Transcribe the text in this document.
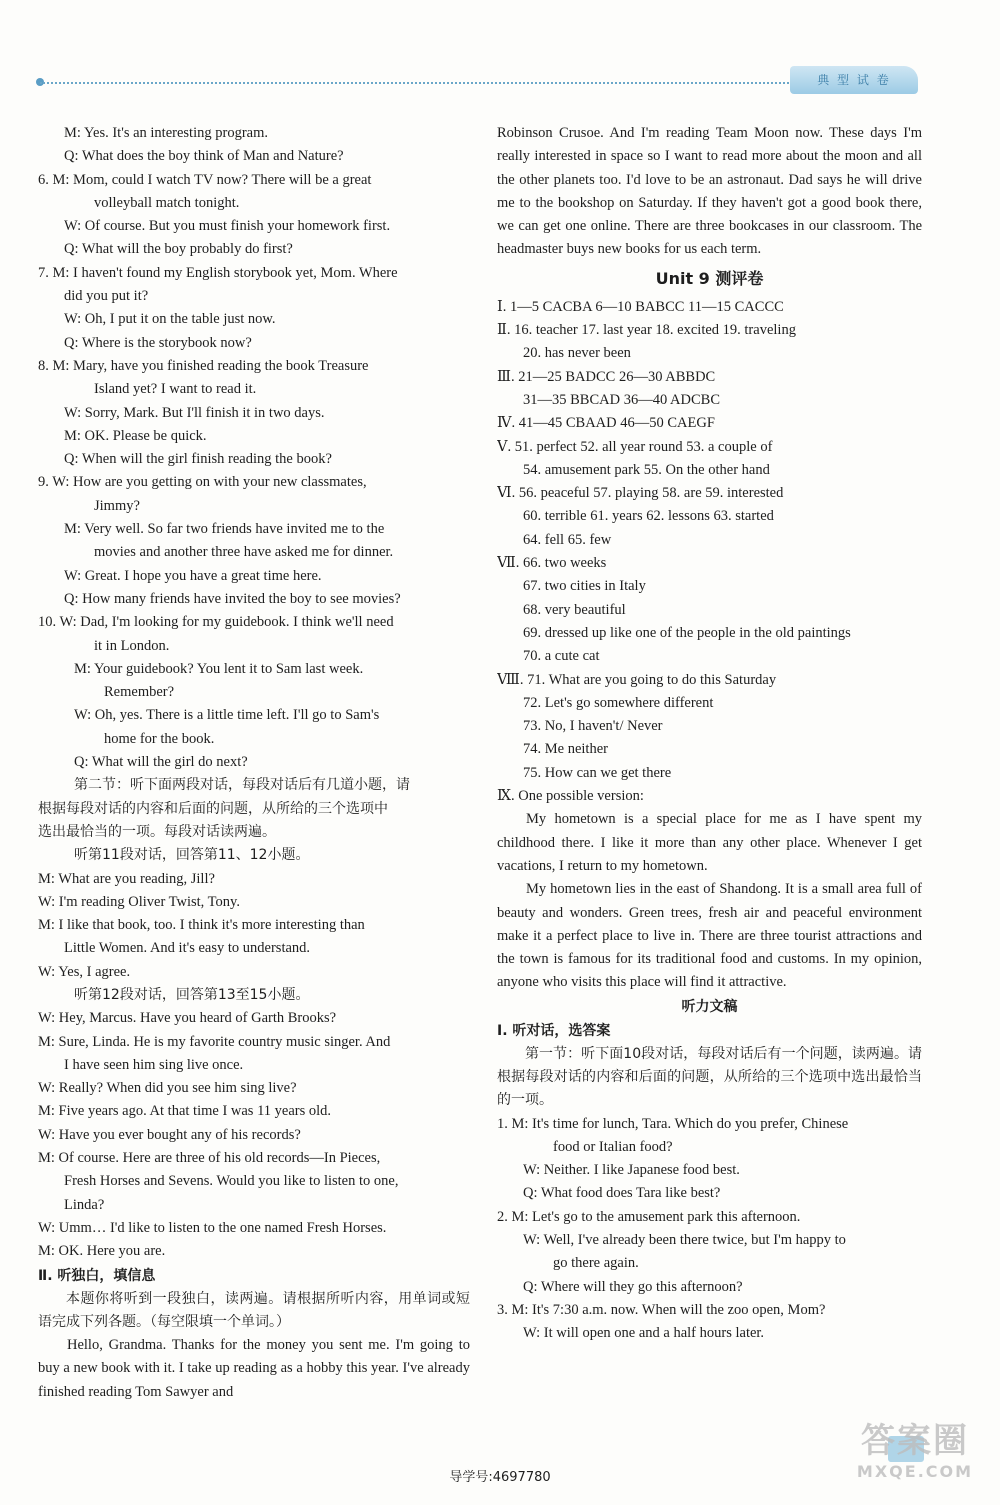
典 型 试 卷
M: Yes. It's an interesting program.
Q: What does the boy think of Man and Nature?
6. M: Mom, could I watch TV now? There will be a great
volleyball match tonight.
W: Of course. But you must finish your homework first.
Q: What will the boy probably do first?
7. M: I haven't found my English storybook yet, Mom. Where
did you put it?
W: Oh, I put it on the table just now.
Q: Where is the storybook now?
8. M: Mary, have you finished reading the book Treasure
Island yet? I want to read it.
W: Sorry, Mark. But I'll finish it in two days.
M: OK. Please be quick.
Q: When will the girl finish reading the book?
9. W: How are you getting on with your new classmates,
Jimmy?
M: Very well. So far two friends have invited me to the
movies and another three have asked me for dinner.
W: Great. I hope you have a great time here.
Q: How many friends have invited the boy to see movies?
10. W: Dad, I'm looking for my guidebook. I think we'll need
it in London.
M: Your guidebook? You lent it to Sam last week.
Remember?
W: Oh, yes. There is a little time left. I'll go to Sam's
home for the book.
Q: What will the girl do next?
第二节：听下面两段对话，每段对话后有几道小题，请
根据每段对话的内容和后面的问题，从所给的三个选项中
选出最恰当的一项。每段对话读两遍。
听第11段对话，回答第11、12小题。
M: What are you reading, Jill?
W: I'm reading Oliver Twist, Tony.
M: I like that book, too. I think it's more interesting than
Little Women. And it's easy to understand.
W: Yes, I agree.
听第12段对话，回答第13至15小题。
W: Hey, Marcus. Have you heard of Garth Brooks?
M: Sure, Linda. He is my favorite country music singer. And
I have seen him sing live once.
W: Really? When did you see him sing live?
M: Five years ago. At that time I was 11 years old.
W: Have you ever bought any of his records?
M: Of course. Here are three of his old records—In Pieces,
Fresh Horses and Sevens. Would you like to listen to one,
Linda?
W: Umm… I'd like to listen to the one named Fresh Horses.
M: OK. Here you are.
Ⅱ. 听独白，填信息
本题你将听到一段独白，读两遍。请根据所听内容，用单词或短语完成下列各题。（每空限填一个单词。）
Hello, Grandma. Thanks for the money you sent me. I'm going to buy a new book with it. I take up reading as a hobby this year. I've already finished reading Tom Sawyer and
Robinson Crusoe. And I'm reading Team Moon now. These days I'm really interested in space so I want to read more about the moon and all the other planets too. I'd love to be an astronaut. Dad says he will drive me to the bookshop on Saturday. If they haven't got a good book there, we can get one online. There are three bookcases in our classroom. The headmaster buys new books for us each term.
Unit 9 测评卷
Ⅰ. 1—5 CACBA 6—10 BABCC 11—15 CACCC
Ⅱ. 16. teacher 17. last year 18. excited 19. traveling
20. has never been
Ⅲ. 21—25 BADCC 26—30 ABBDC
31—35 BBCAD 36—40 ADCBC
Ⅳ. 41—45 CBAAD 46—50 CAEGF
Ⅴ. 51. perfect 52. all year round 53. a couple of
54. amusement park 55. On the other hand
Ⅵ. 56. peaceful 57. playing 58. are 59. interested
60. terrible 61. years 62. lessons 63. started
64. fell 65. few
Ⅶ. 66. two weeks
67. two cities in Italy
68. very beautiful
69. dressed up like one of the people in the old paintings
70. a cute cat
Ⅷ. 71. What are you going to do this Saturday
72. Let's go somewhere different
73. No, I haven't/ Never
74. Me neither
75. How can we get there
Ⅸ. One possible version:
My hometown is a special place for me as I have spent my childhood there. I like it more than any other place. Whenever I get vacations, I return to my hometown.
My hometown lies in the east of Shandong. It is a small area full of beauty and wonders. Green trees, fresh air and peaceful environment make it a perfect place to live in. There are three tourist attractions and the town is famous for its traditional food and customs. In my opinion, anyone who visits this place will find it attractive.
听力文稿
Ⅰ. 听对话，选答案
第一节：听下面10段对话，每段对话后有一个问题，读两遍。请根据每段对话的内容和后面的问题，从所给的三个选项中选出最恰当的一项。
1. M: It's time for lunch, Tara. Which do you prefer, Chinese
food or Italian food?
W: Neither. I like Japanese food best.
Q: What food does Tara like best?
2. M: Let's go to the amusement park this afternoon.
W: Well, I've already been there twice, but I'm happy to
go there again.
Q: Where will they go this afternoon?
3. M: It's 7:30 a.m. now. When will the zoo open, Mom?
W: It will open one and a half hours later.
答案圈
MXQE.COM
导学号:4697780
